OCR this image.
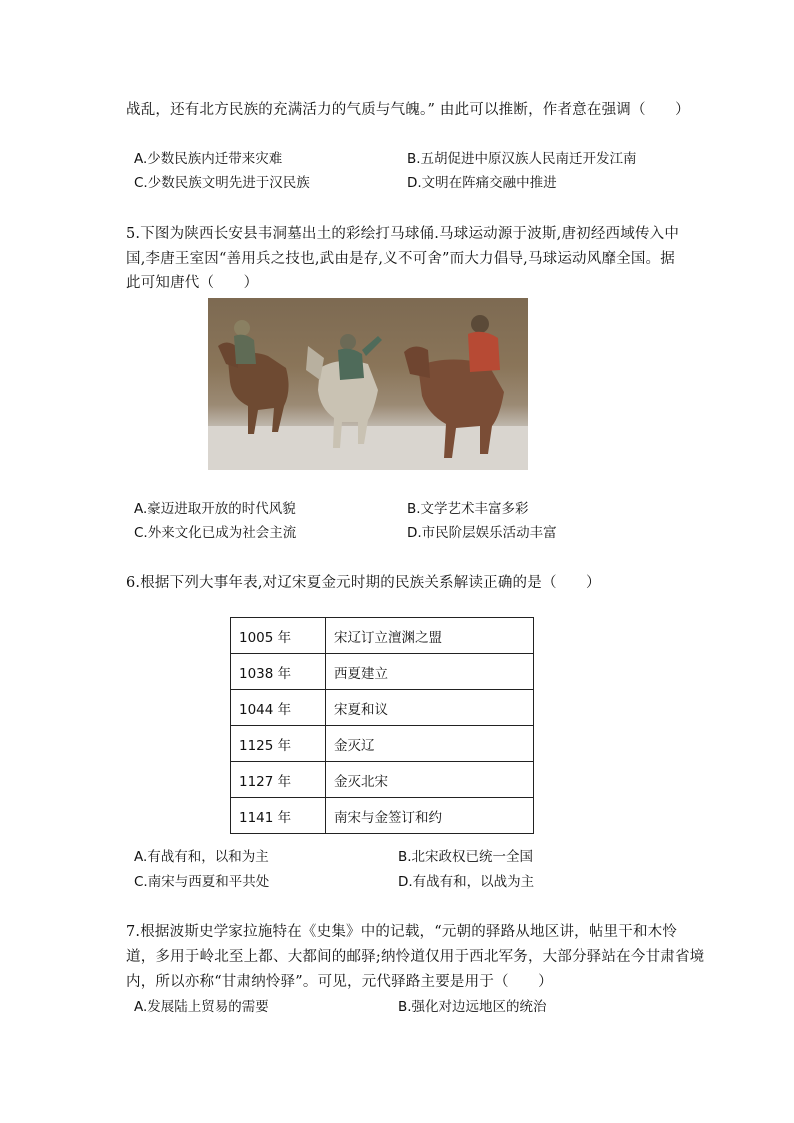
战乱，还有北方民族的充满活力的气质与气魄。” 由此可以推断，作者意在强调（　　）
A.少数民族内迁带来灾难	B.五胡促进中原汉族人民南迁开发江南
C.少数民族文明先进于汉民族	D.文明在阵痛交融中推进
5.下图为陕西长安县韦洞墓出土的彩绘打马球俑.马球运动源于波斯,唐初经西域传入中
国,李唐王室因“善用兵之技也,武由是存,义不可舍”而大力倡导,马球运动风靡全国。据
此可知唐代（　　）
A.豪迈进取开放的时代风貌	B.文学艺术丰富多彩
C.外来文化已成为社会主流	D.市民阶层娱乐活动丰富
6.根据下列大事年表,对辽宋夏金元时期的民族关系解读正确的是（　　）
1005 年	宋辽订立澶渊之盟
1038 年	西夏建立
1044 年	宋夏和议
1125 年	金灭辽
1127 年	金灭北宋
1141 年	南宋与金签订和约
A.有战有和，以和为主	B.北宋政权已统一全国
C.南宋与西夏和平共处	D.有战有和，以战为主
7.根据波斯史学家拉施特在《史集》中的记载，“元朝的驿路从地区讲，帖里干和木怜
道，多用于岭北至上都、大都间的邮驿;纳怜道仅用于西北军务，大部分驿站在今甘肃省境
内，所以亦称“甘肃纳怜驿”。可见，元代驿路主要是用于（　　）
A.发展陆上贸易的需要	B.强化对边远地区的统治
